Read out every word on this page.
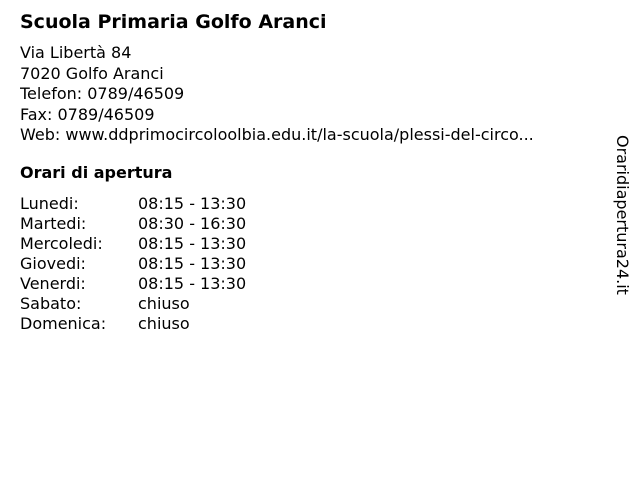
Scuola Primaria Golfo Aranci
Via Libertà 84
7020 Golfo Aranci
Telefon: 0789/46509
Fax: 0789/46509
Web: www.ddprimocircoloolbia.edu.it/la-scuola/plessi-del-circo...
Orari di apertura
Lunedi:	08:15 - 13:30
Martedi:	08:30 - 16:30
Mercoledi: 08:15 - 13:30
Giovedi:	08:15 - 13:30
Venerdi:	08:15 - 13:30
Sabato:	chiuso
Domenica: chiuso
Oraridiapertura24.it
